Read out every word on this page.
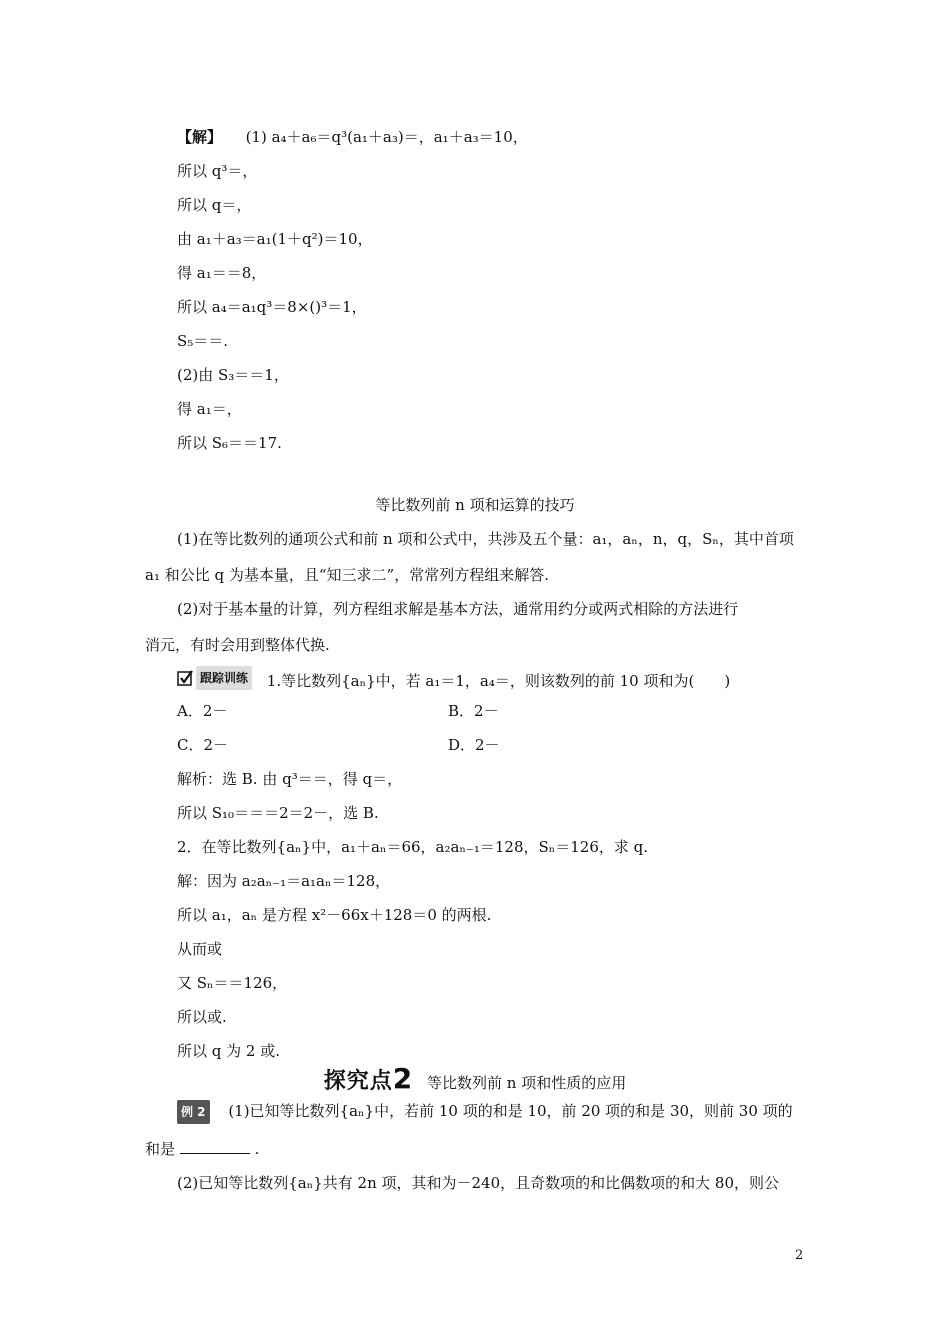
【解】 (1) a₄＋a₆＝q³(a₁＋a₃)＝，a₁＋a₃＝10，
所以 q³＝，
所以 q＝，
由 a₁＋a₃＝a₁(1＋q²)＝10，
得 a₁＝＝8，
所以 a₄＝a₁q³＝8×()³＝1，
S₅＝＝.
(2)由 S₃＝＝1，
得 a₁＝，
所以 S₆＝＝17.
等比数列前 n 项和运算的技巧
(1)在等比数列的通项公式和前 n 项和公式中，共涉及五个量：a₁，aₙ，n，q，Sₙ，其中首项
a₁ 和公比 q 为基本量，且“知三求二”，常常列方程组来解答.
(2)对于基本量的计算，列方程组求解是基本方法，通常用约分或两式相除的方法进行
消元，有时会用到整体代换.
跟踪训练 1.等比数列{aₙ}中，若 a₁＝1，a₄＝，则该数列的前 10 项和为(　　)
A．2－	B．2－
C．2－	D．2－
解析：选 B. 由 q³＝＝，得 q＝，
所以 S₁₀＝＝＝2＝2－，选 B.
2．在等比数列{aₙ}中，a₁＋aₙ＝66，a₂aₙ₋₁＝128，Sₙ＝126，求 q.
解：因为 a₂aₙ₋₁＝a₁aₙ＝128，
所以 a₁，aₙ 是方程 x²－66x＋128＝0 的两根.
从而或
又 Sₙ＝＝126，
所以或.
所以 q 为 2 或.
探究点2 等比数列前 n 项和性质的应用
例 2 (1)已知等比数列{aₙ}中，若前 10 项的和是 10，前 20 项的和是 30，则前 30 项的
和是	.
(2)已知等比数列{aₙ}共有 2n 项，其和为－240，且奇数项的和比偶数项的和大 80，则公
2
